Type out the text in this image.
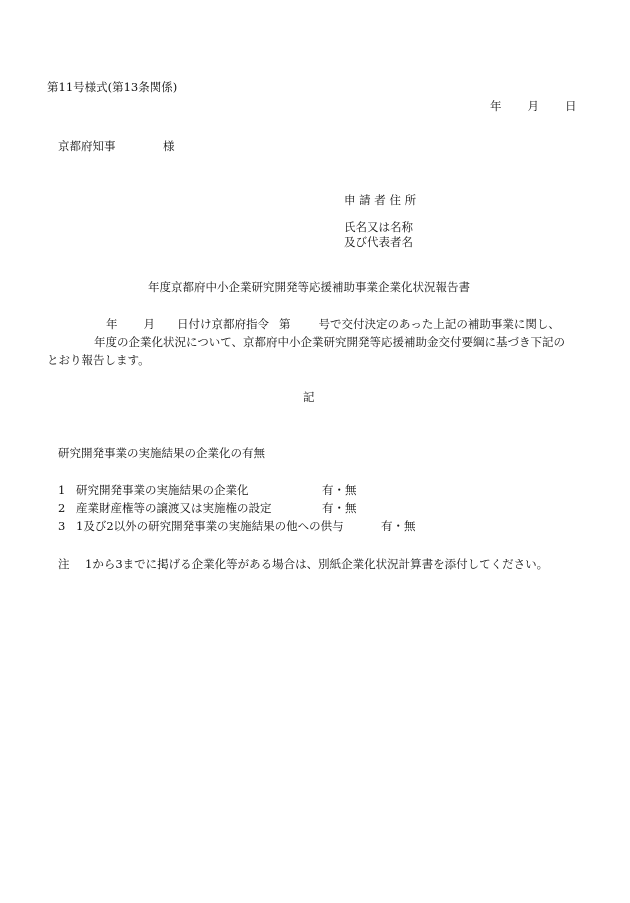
第11号様式(第13条関係)
年 月 日
京都府知事	様
申 請 者 住 所
氏名又は名称
及び代表者名
年度京都府中小企業研究開発等応援補助事業企業化状況報告書
年 月 日付け京都府指令 第 号で交付決定のあった上記の補助事業に関し、
年度の企業化状況について、京都府中小企業研究開発等応援補助金交付要綱に基づき下記の
とおり報告します。
記
研究開発事業の実施結果の企業化の有無
1 研究開発事業の実施結果の企業化	有・無
2 産業財産権等の譲渡又は実施権の設定	有・無
3 1及び2以外の研究開発事業の実施結果の他への供与	有・無
注 1から3までに掲げる企業化等がある場合は、別紙企業化状況計算書を添付してください。
